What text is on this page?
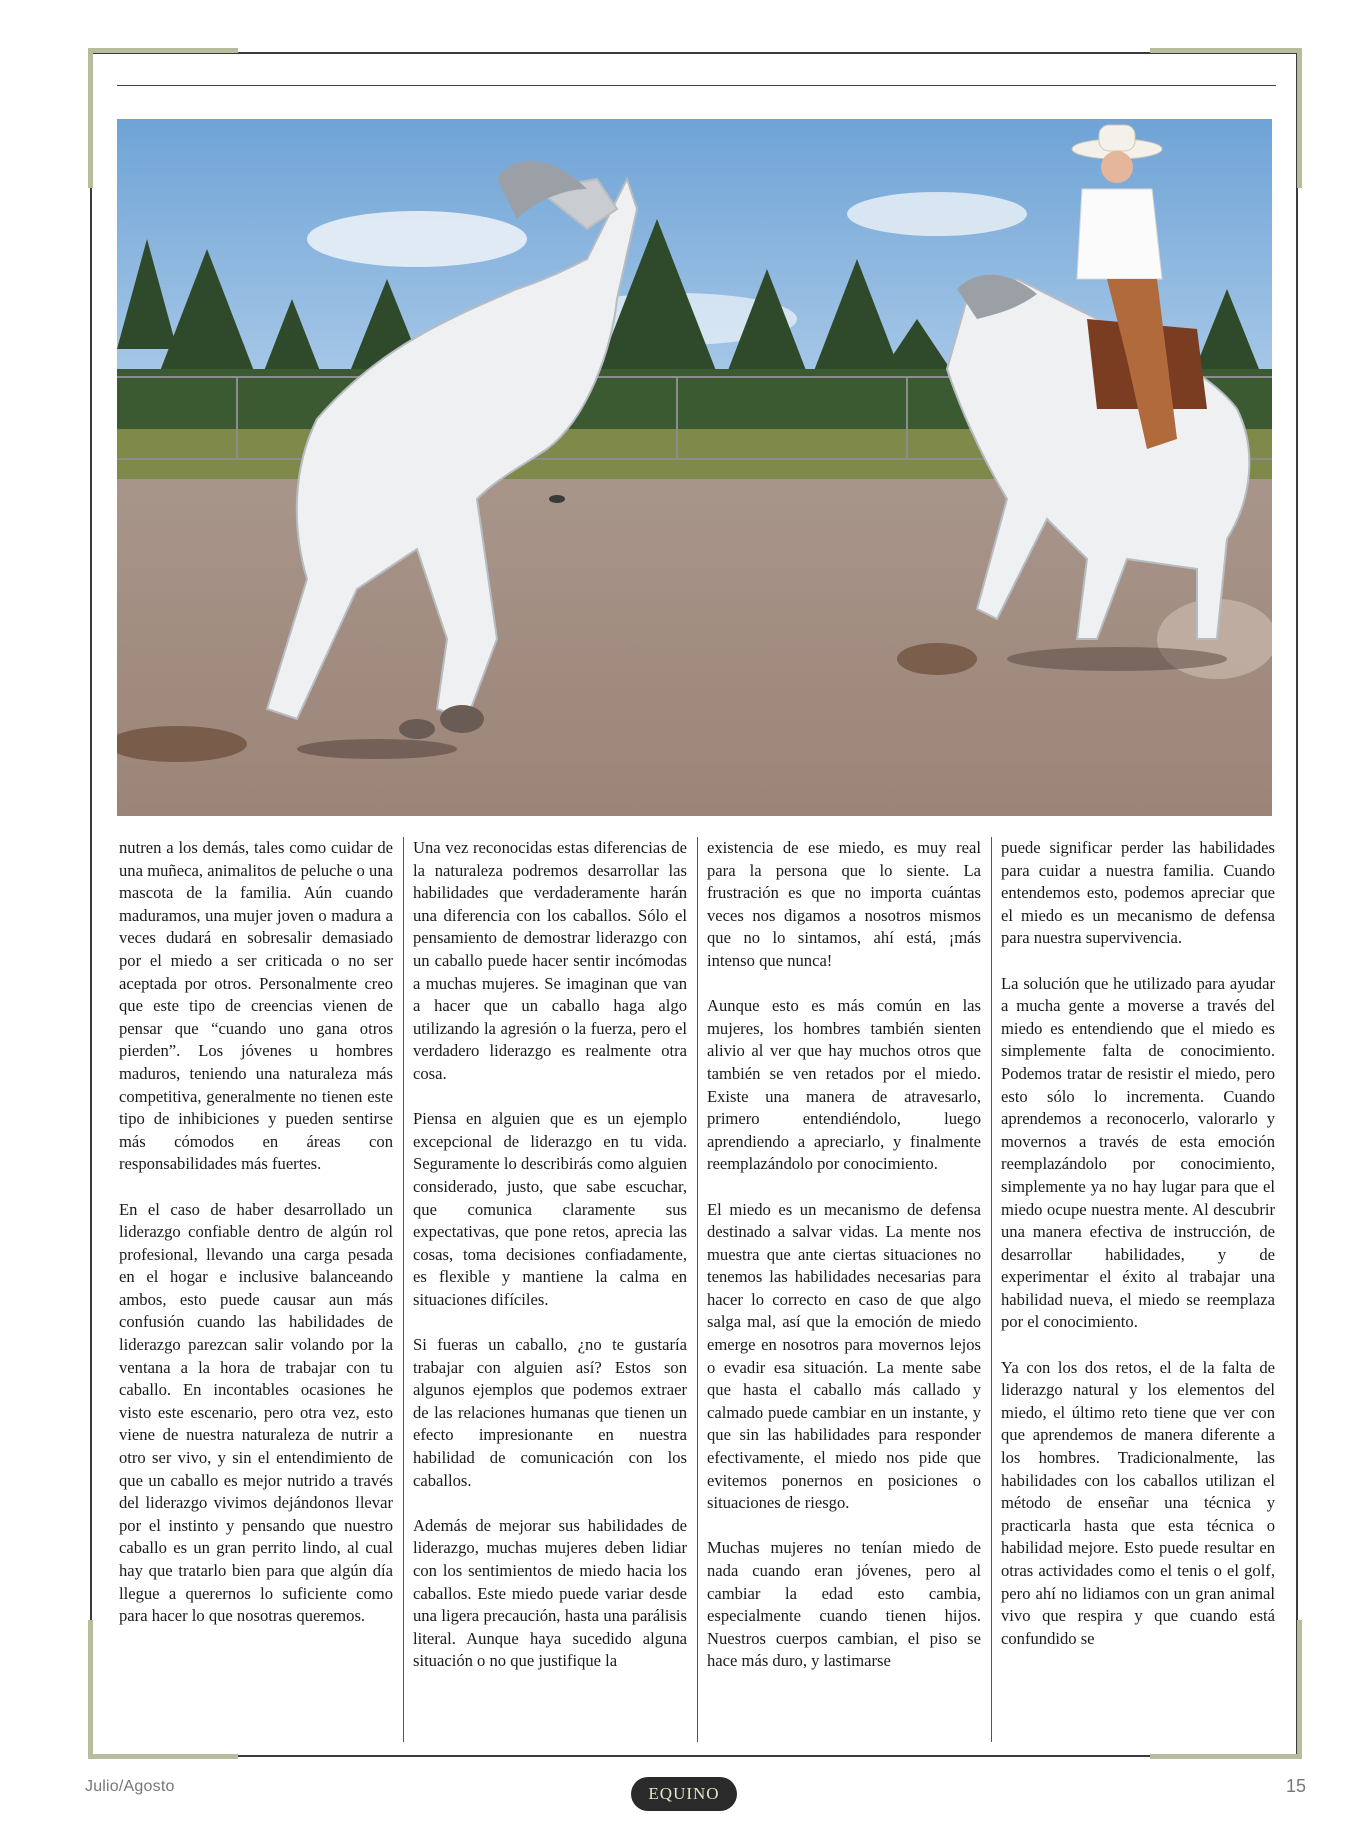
nutren a los demás, tales como cuidar de una muñeca, animalitos de peluche o una mascota de la familia. Aún cuando maduramos, una mujer joven o madura a veces dudará en sobresalir demasiado por el miedo a ser criticada o no ser aceptada por otros. Personalmente creo que este tipo de creencias vienen de pensar que “cuando uno gana otros pierden”. Los jóvenes u hombres maduros, teniendo una naturaleza más competitiva, generalmente no tienen este tipo de inhibiciones y pueden sentirse más cómodos en áreas con responsabilidades más fuertes.

En el caso de haber desarrollado un liderazgo confiable dentro de algún rol profesional, llevando una carga pesada en el hogar e inclusive balanceando ambos, esto puede causar aun más confusión cuando las habilidades de liderazgo parezcan salir volando por la ventana a la hora de trabajar con tu caballo. En incontables ocasiones he visto este escenario, pero otra vez, esto viene de nuestra naturaleza de nutrir a otro ser vivo, y sin el entendimiento de que un caballo es mejor nutrido a través del liderazgo vivimos dejándonos llevar por el instinto y pensando que nuestro caballo es un gran perrito lindo, al cual hay que tratarlo bien para que algún día llegue a querernos lo suficiente como para hacer lo que nosotras queremos.

Una vez reconocidas estas diferencias de la naturaleza podremos desarrollar las habilidades que verdaderamente harán una diferencia con los caballos. Sólo el pensamiento de demostrar liderazgo con un caballo puede hacer sentir incómodas a muchas mujeres. Se imaginan que van a hacer que un caballo haga algo utilizando la agresión o la fuerza, pero el verdadero liderazgo es realmente otra cosa.

Piensa en alguien que es un ejemplo excepcional de liderazgo en tu vida. Seguramente lo describirás como alguien considerado, justo, que sabe escuchar, que comunica claramente sus expectativas, que pone retos, aprecia las cosas, toma decisiones confiadamente, es flexible y mantiene la calma en situaciones difíciles.

Si fueras un caballo, ¿no te gustaría trabajar con alguien así? Estos son algunos ejemplos que podemos extraer de las relaciones humanas que tienen un efecto impresionante en nuestra habilidad de comunicación con los caballos.

Además de mejorar sus habilidades de liderazgo, muchas mujeres deben lidiar con los sentimientos de miedo hacia los caballos. Este miedo puede variar desde una ligera precaución, hasta una parálisis literal. Aunque haya sucedido alguna situación o no que justifique la

existencia de ese miedo, es muy real para la persona que lo siente. La frustración es que no importa cuántas veces nos digamos a nosotros mismos que no lo sintamos, ahí está, ¡más intenso que nunca!

Aunque esto es más común en las mujeres, los hombres también sienten alivio al ver que hay muchos otros que también se ven retados por el miedo. Existe una manera de atravesarlo, primero entendiéndolo, luego aprendiendo a apreciarlo, y finalmente reemplazándolo por conocimiento.

El miedo es un mecanismo de defensa destinado a salvar vidas. La mente nos muestra que ante ciertas situaciones no tenemos las habilidades necesarias para hacer lo correcto en caso de que algo salga mal, así que la emoción de miedo emerge en nosotros para movernos lejos o evadir esa situación. La mente sabe que hasta el caballo más callado y calmado puede cambiar en un instante, y que sin las habilidades para responder efectivamente, el miedo nos pide que evitemos ponernos en posiciones o situaciones de riesgo.

Muchas mujeres no tenían miedo de nada cuando eran jóvenes, pero al cambiar la edad esto cambia, especialmente cuando tienen hijos. Nuestros cuerpos cambian, el piso se hace más duro, y lastimarse

puede significar perder las habilidades para cuidar a nuestra familia. Cuando entendemos esto, podemos apreciar que el miedo es un mecanismo de defensa para nuestra supervivencia.

La solución que he utilizado para ayudar a mucha gente a moverse a través del miedo es entendiendo que el miedo es simplemente falta de conocimiento. Podemos tratar de resistir el miedo, pero esto sólo lo incrementa. Cuando aprendemos a reconocerlo, valorarlo y movernos a través de esta emoción reemplazándolo por conocimiento, simplemente ya no hay lugar para que el miedo ocupe nuestra mente. Al descubrir una manera efectiva de instrucción, de desarrollar habilidades, y de experimentar el éxito al trabajar una habilidad nueva, el miedo se reemplaza por el conocimiento.

Ya con los dos retos, el de la falta de liderazgo natural y los elementos del miedo, el último reto tiene que ver con que aprendemos de manera diferente a los hombres. Tradicionalmente, las habilidades con los caballos utilizan el método de enseñar una técnica y practicarla hasta que esta técnica o habilidad mejore. Esto puede resultar en otras actividades como el tenis o el golf, pero ahí no lidiamos con un gran animal vivo que respira y que cuando está confundido se

Julio/Agosto	EQUINO	15
